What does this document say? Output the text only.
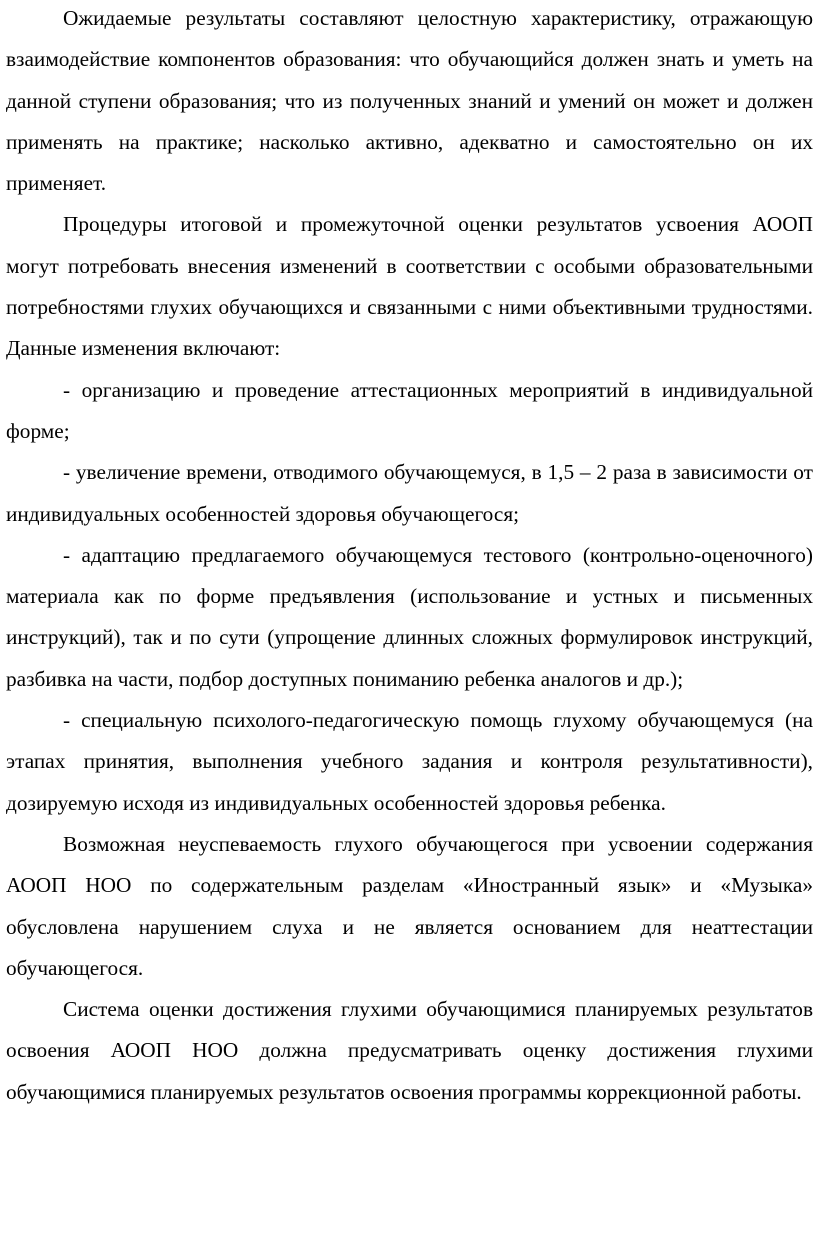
Ожидаемые результаты составляют целостную характеристику, отражающую взаимодействие компонентов образования: что обучающийся должен знать и уметь на данной ступени образования; что из полученных знаний и умений он может и должен применять на практике; насколько активно, адекватно и самостоятельно он их применяет.

Процедуры итоговой и промежуточной оценки результатов усвоения АООП могут потребовать внесения изменений в соответствии с особыми образовательными потребностями глухих обучающихся и связанными с ними объективными трудностями. Данные изменения включают:

- организацию и проведение аттестационных мероприятий в индивидуальной форме;

- увеличение времени, отводимого обучающемуся, в 1,5 – 2 раза в зависимости от индивидуальных особенностей здоровья обучающегося;

- адаптацию предлагаемого обучающемуся тестового (контрольно-оценочного) материала как по форме предъявления (использование и устных и письменных инструкций), так и по сути (упрощение длинных сложных формулировок инструкций, разбивка на части, подбор доступных пониманию ребенка аналогов и др.);

- специальную психолого-педагогическую помощь глухому обучающемуся (на этапах принятия, выполнения учебного задания и контроля результативности), дозируемую исходя из индивидуальных особенностей здоровья ребенка.

Возможная неуспеваемость глухого обучающегося при усвоении содержания АООП НОО по содержательным разделам «Иностранный язык» и «Музыка» обусловлена нарушением слуха и не является основанием для неаттестации обучающегося.

Система оценки достижения глухими обучающимися планируемых результатов освоения АООП НОО должна предусматривать оценку достижения глухими обучающимися планируемых результатов освоения программы коррекционной работы.
